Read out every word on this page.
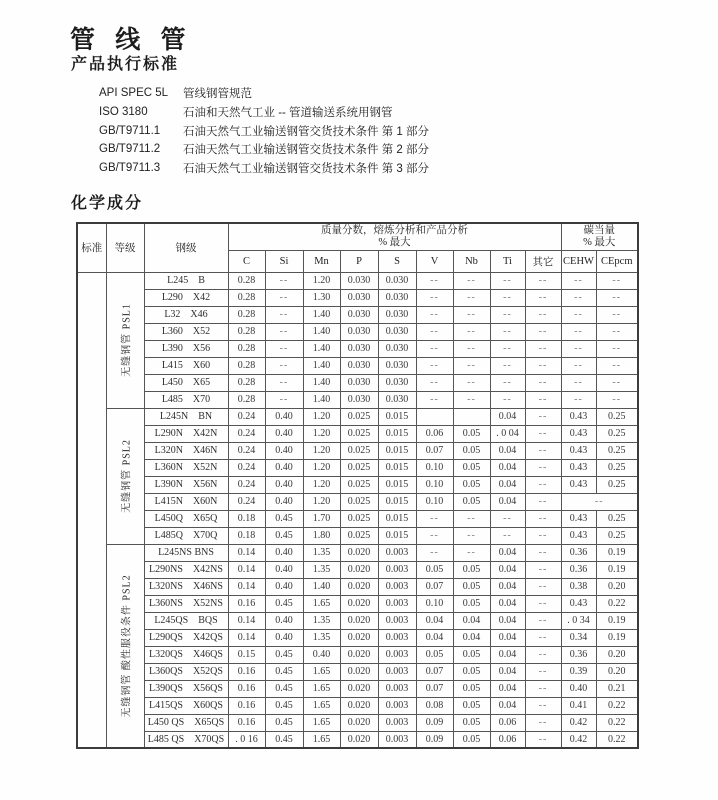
管 线 管
产品执行标准
API SPEC 5L	管线钢管规范
ISO 3180	石油和天然气工业 -- 管道输送系统用钢管
GB/T9711.1	石油天然气工业输送钢管交货技术条件 第 1 部分
GB/T9711.2	石油天然气工业输送钢管交货技术条件 第 2 部分
GB/T9711.3	石油天然气工业输送钢管交货技术条件 第 3 部分
化学成分
标准	等级	钢级	
质量分数，熔炼分析和产品分析
% 最大

碳当量
% 最大

			C	Si	Mn	P	S	V	Nb	Ti	其它	CEHW	CEpcm

	无缝钢管 PSL1	L245    B	0.28	--	1.20	0.030	0.030	--	--	--	--	--	--
		L290    X42	0.28	--	1.30	0.030	0.030	--	--	--	--	--	--
		L32    X46	0.28	--	1.40	0.030	0.030	--	--	--	--	--	--
		L360    X52	0.28	--	1.40	0.030	0.030	--	--	--	--	--	--
		L390    X56	0.28	--	1.40	0.030	0.030	--	--	--	--	--	--
		L415    X60	0.28	--	1.40	0.030	0.030	--	--	--	--	--	--
		L450    X65	0.28	--	1.40	0.030	0.030	--	--	--	--	--	--
		L485    X70	0.28	--	1.40	0.030	0.030	--	--	--	--	--	--

	无缝钢管 PSL2	L245N    BN	0.24	0.40	1.20	0.025	0.015			0.04	--	0.43	0.25
		L290N    X42N	0.24	0.40	1.20	0.025	0.015	0.06	0.05	. 0 04	--	0.43	0.25
		L320N    X46N	0.24	0.40	1.20	0.025	0.015	0.07	0.05	0.04	--	0.43	0.25
		L360N    X52N	0.24	0.40	1.20	0.025	0.015	0.10	0.05	0.04	--	0.43	0.25
		L390N    X56N	0.24	0.40	1.20	0.025	0.015	0.10	0.05	0.04	--	0.43	0.25
		L415N    X60N	0.24	0.40	1.20	0.025	0.015	0.10	0.05	0.04	--	--	
		L450Q    X65Q	0.18	0.45	1.70	0.025	0.015	--	--	--	--	0.43	0.25
		L485Q    X70Q	0.18	0.45	1.80	0.025	0.015	--	--	--	--	0.43	0.25

	无缝钢管 酸性服役条件 PSL2	L245NS BNS	0.14	0.40	1.35	0.020	0.003	--	--	0.04	--	0.36	0.19
		L290NS    X42NS	0.14	0.40	1.35	0.020	0.003	0.05	0.05	0.04	--	0.36	0.19
		L320NS    X46NS	0.14	0.40	1.40	0.020	0.003	0.07	0.05	0.04	--	0.38	0.20
		L360NS    X52NS	0.16	0.45	1.65	0.020	0.003	0.10	0.05	0.04	--	0.43	0.22
		L245QS    BQS	0.14	0.40	1.35	0.020	0.003	0.04	0.04	0.04	--	. 0 34	0.19
		L290QS    X42QS	0.14	0.40	1.35	0.020	0.003	0.04	0.04	0.04	--	0.34	0.19
		L320QS    X46QS	0.15	0.45	0.40	0.020	0.003	0.05	0.05	0.04	--	0.36	0.20
		L360QS    X52QS	0.16	0.45	1.65	0.020	0.003	0.07	0.05	0.04	--	0.39	0.20
		L390QS    X56QS	0.16	0.45	1.65	0.020	0.003	0.07	0.05	0.04	--	0.40	0.21
		L415QS    X60QS	0.16	0.45	1.65	0.020	0.003	0.08	0.05	0.04	--	0.41	0.22
		L450 QS    X65QS	0.16	0.45	1.65	0.020	0.003	0.09	0.05	0.06	--	0.42	0.22
		L485 QS    X70QS	. 0 16	0.45	1.65	0.020	0.003	0.09	0.05	0.06	--	0.42	0.22
